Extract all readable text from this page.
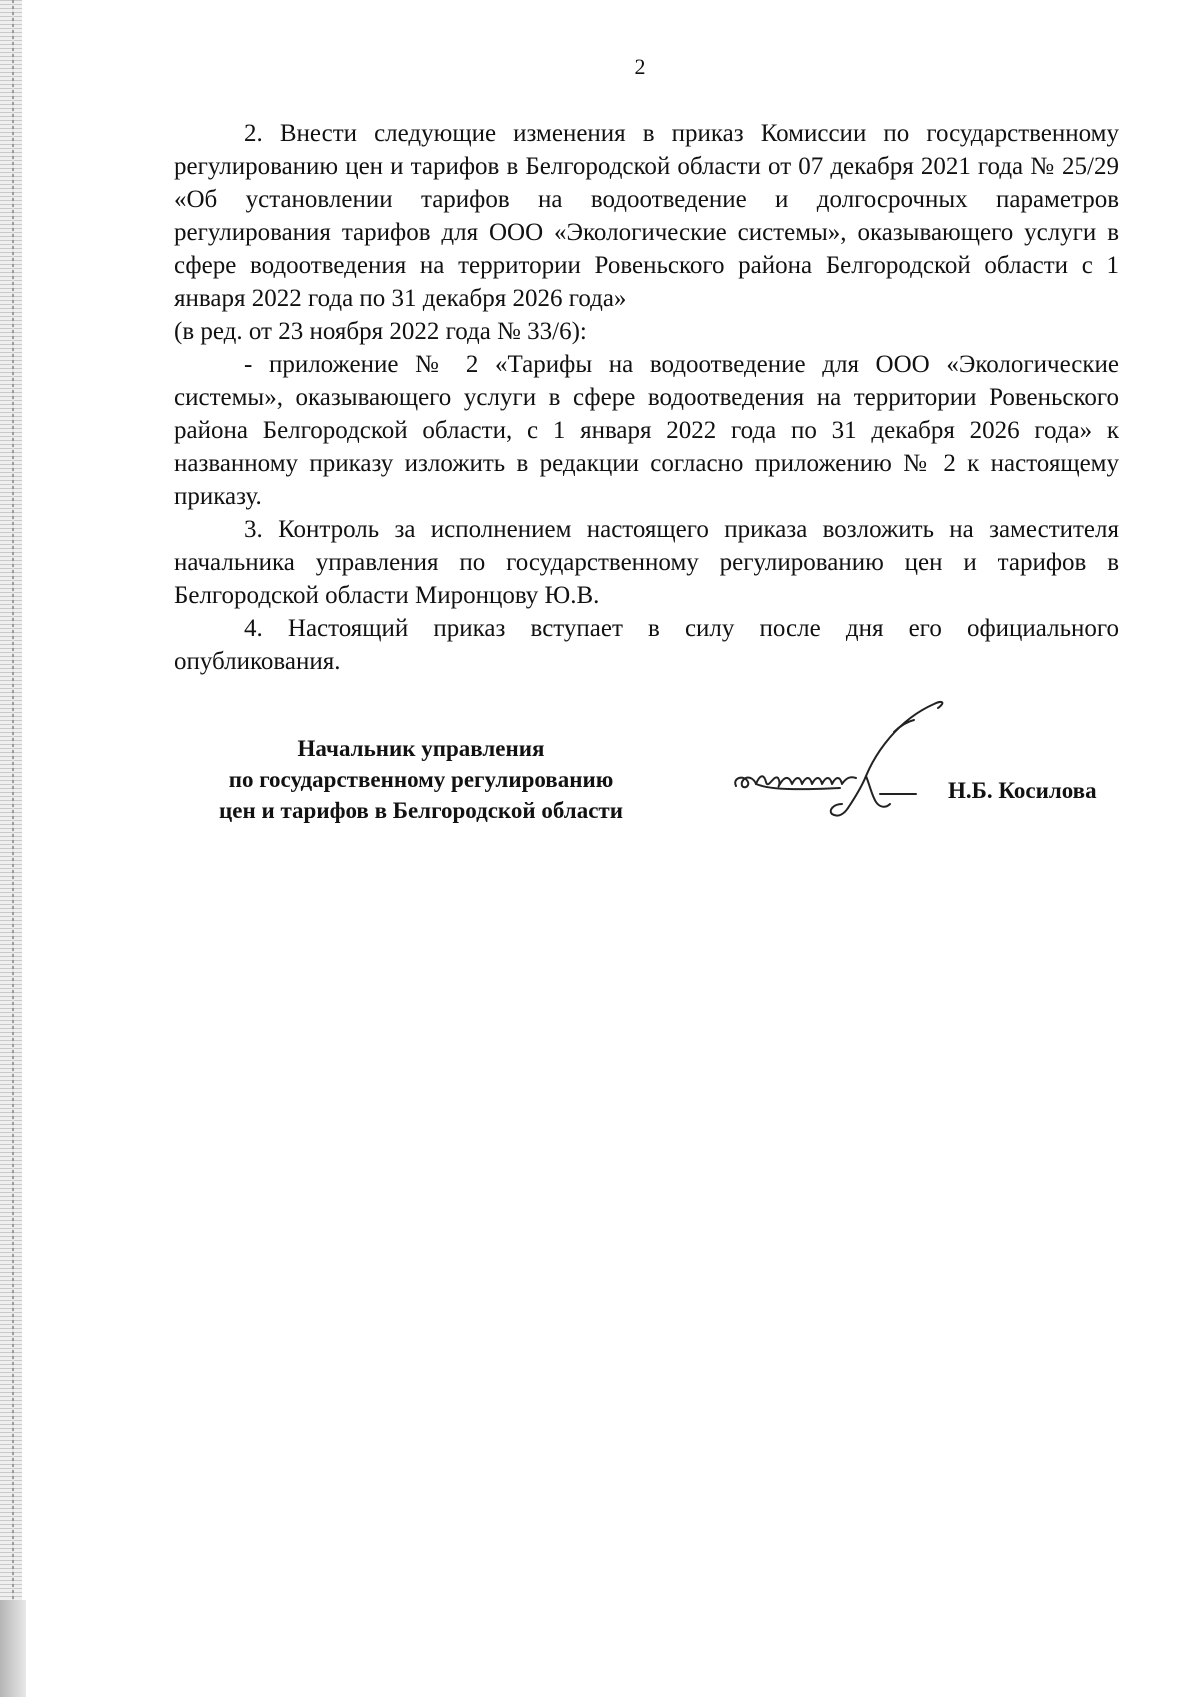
2

2. Внести следующие изменения в приказ Комиссии по государственному регулированию цен и тарифов в Белгородской области от 07 декабря 2021 года № 25/29 «Об установлении тарифов на водоотведение и долгосрочных параметров регулирования тарифов для ООО «Экологические системы», оказывающего услуги в сфере водоотведения на территории Ровеньского района Белгородской области с 1 января 2022 года по 31 декабря 2026 года»

(в ред. от 23 ноября 2022 года № 33/6):

- приложение № 2 «Тарифы на водоотведение для ООО «Экологические системы», оказывающего услуги в сфере водоотведения на территории Ровеньского района Белгородской области, с 1 января 2022 года по 31 декабря 2026 года» к названному приказу изложить в редакции согласно приложению № 2 к настоящему приказу.

3. Контроль за исполнением настоящего приказа возложить на заместителя начальника управления по государственному регулированию цен и тарифов в Белгородской области Миронцову Ю.В.

4. Настоящий приказ вступает в силу после дня его официального опубликования.

Начальник управления
по государственному регулированию
цен и тарифов в Белгородской области
Н.Б. Косилова
